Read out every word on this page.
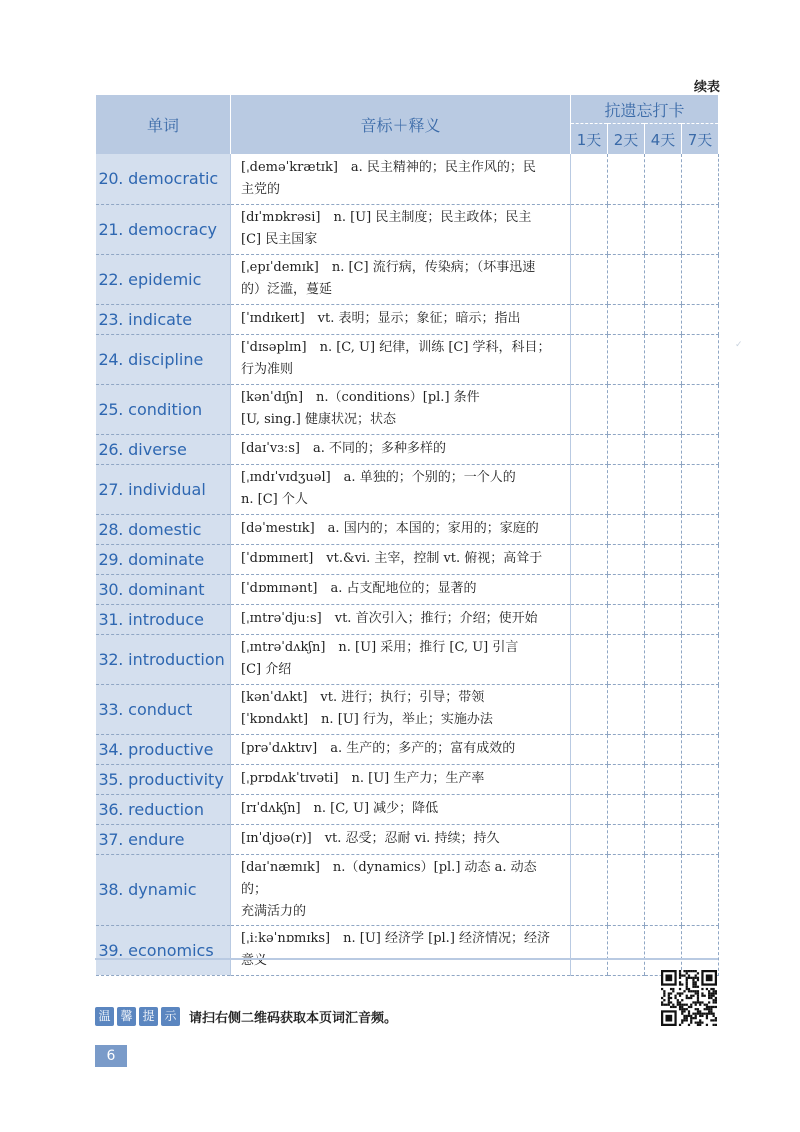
续表
单词	音标＋释义	抗遗忘打卡			
		1天	2天	4天	7天
20. democratic	[ˌdeməˈkrætɪk]　a. 民主精神的；民主作风的；民
主党的				

21. democracy	[dɪˈmɒkrəsi]　n. [U] 民主制度；民主政体；民主
[C] 民主国家				

22. epidemic	[ˌepɪˈdemɪk]　n. [C] 流行病，传染病；（坏事迅速
的）泛滥，蔓延				

23. indicate	[ˈɪndɪkeɪt]　vt. 表明；显示；象征；暗示；指出				

24. discipline	[ˈdɪsəplɪn]　n. [C, U] 纪律，训练 [C] 学科，科目；
行为准则				

25. condition	[kənˈdɪʃn]　n.（conditions）[pl.] 条件
[U, sing.] 健康状况；状态				

26. diverse	[daɪˈvɜːs]　a. 不同的；多种多样的				

27. individual	[ˌɪndɪˈvɪdʒuəl]　a. 单独的；个别的；一个人的
n. [C] 个人				

28. domestic	[dəˈmestɪk]　a. 国内的；本国的；家用的；家庭的				

29. dominate	[ˈdɒmɪneɪt]　vt.&vi. 主宰，控制 vt. 俯视；高耸于				

30. dominant	[ˈdɒmɪnənt]　a. 占支配地位的；显著的				

31. introduce	[ˌɪntrəˈdjuːs]　vt. 首次引入；推行；介绍；使开始				

32. introduction	[ˌɪntrəˈdʌkʃn]　n. [U] 采用；推行 [C, U] 引言
[C] 介绍				

33. conduct	[kənˈdʌkt]　vt. 进行；执行；引导；带领
[ˈkɒndʌkt]　n. [U] 行为，举止；实施办法				

34. productive	[prəˈdʌktɪv]　a. 生产的；多产的；富有成效的				

35. productivity	[ˌprɒdʌkˈtɪvəti]　n. [U] 生产力；生产率				

36. reduction	[rɪˈdʌkʃn]　n. [C, U] 减少；降低				

37. endure	[ɪnˈdjʊə(r)]　vt. 忍受；忍耐 vi. 持续；持久				

38. dynamic	[daɪˈnæmɪk]　n.（dynamics）[pl.] 动态 a. 动态的；
充满活力的				

39. economics	[ˌiːkəˈnɒmɪks]　n. [U] 经济学 [pl.] 经济情况；经济
意义				

温 馨 提 示 请扫右侧二维码获取本页词汇音频。
6
✓
